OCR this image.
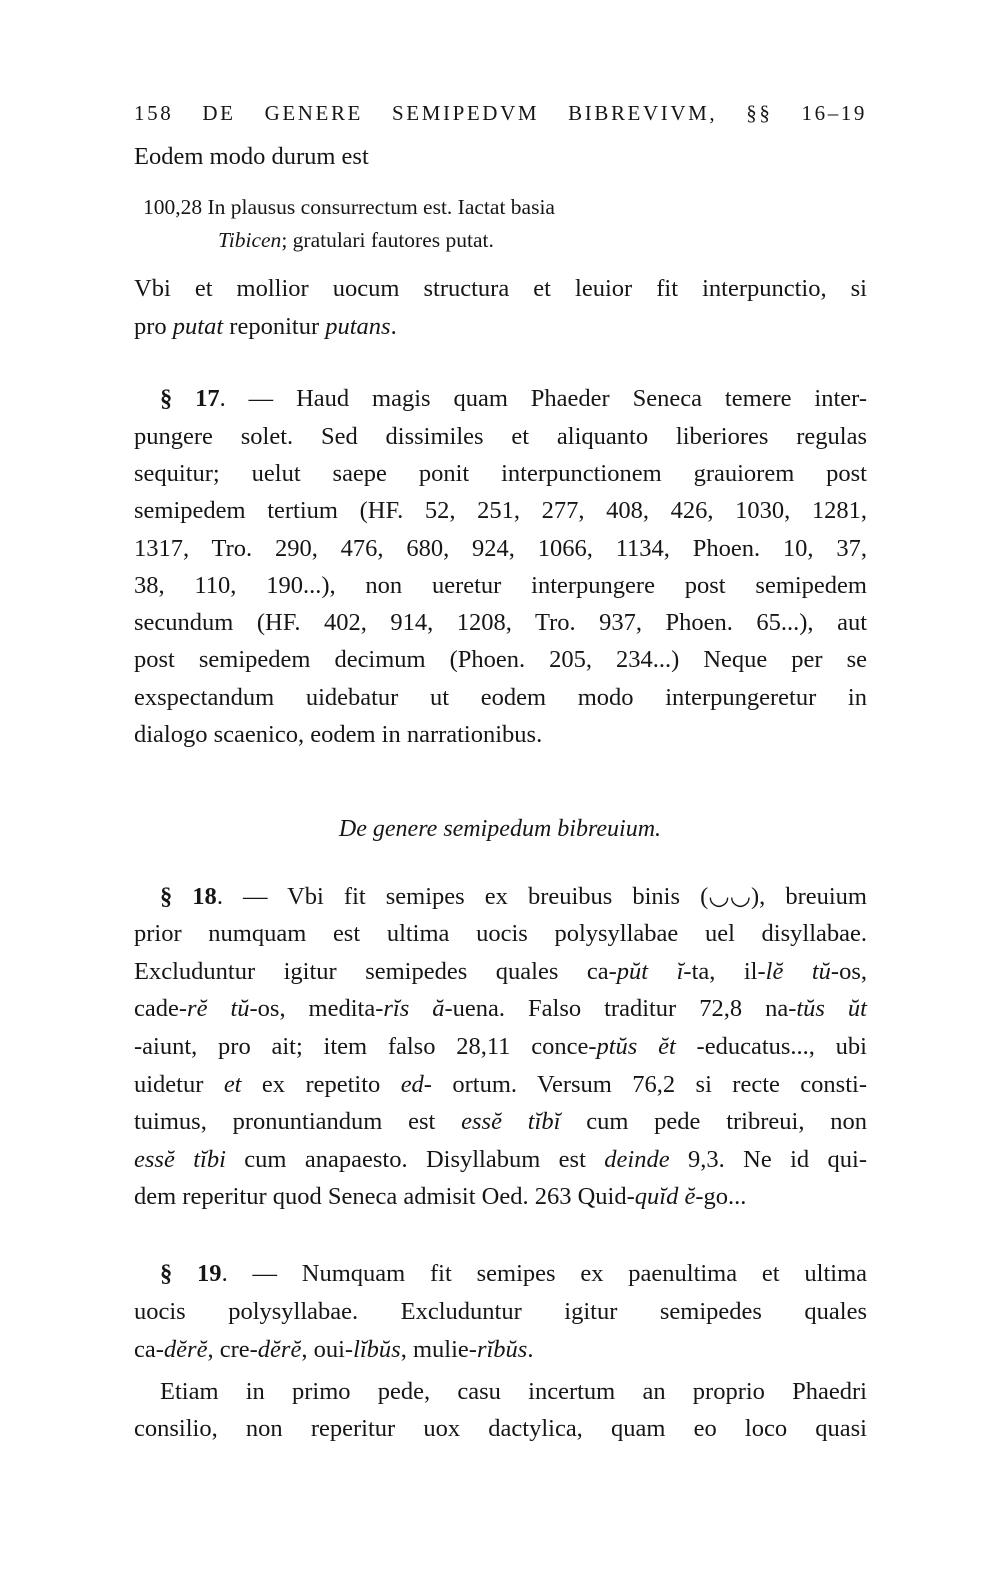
158 DE GENERE SEMIPEDVM BIBREVIVM, §§ 16–19
Eodem modo durum est
100,28 In plausus consurrectum est. Iactat basia
Tibicen; gratulari fautores putat.
Vbi et mollior uocum structura et leuior fit interpunctio, si
pro putat reponitur putans.
§ 17. — Haud magis quam Phaeder Seneca temere inter-
pungere solet. Sed dissimiles et aliquanto liberiores regulas
sequitur; uelut saepe ponit interpunctionem grauiorem post
semipedem tertium (HF. 52, 251, 277, 408, 426, 1030, 1281,
1317, Tro. 290, 476, 680, 924, 1066, 1134, Phoen. 10, 37,
38, 110, 190...), non ueretur interpungere post semipedem
secundum (HF. 402, 914, 1208, Tro. 937, Phoen. 65...), aut
post semipedem decimum (Phoen. 205, 234...) Neque per se
exspectandum uidebatur ut eodem modo interpungeretur in
dialogo scaenico, eodem in narrationibus.
De genere semipedum bibreuium.
§ 18. — Vbi fit semipes ex breuibus binis (◡◡), breuium
prior numquam est ultima uocis polysyllabae uel disyllabae.
Excluduntur igitur semipedes quales ca-pŭt ĭ-ta, il-lĕ tŭ-os,
cade-rĕ tŭ-os, medita-rĭs ă-uena. Falso traditur 72,8 na-tŭs ŭt
-aiunt, pro ait; item falso 28,11 conce-ptŭs ĕt -educatus..., ubi
uidetur et ex repetito ed- ortum. Versum 76,2 si recte consti-
tuimus, pronuntiandum est essĕ tĭbĭ cum pede tribreui, non
essĕ tĭbi cum anapaesto. Disyllabum est deinde 9,3. Ne id qui-
dem reperitur quod Seneca admisit Oed. 263 Quid-quĭd ĕ-go...
§ 19. — Numquam fit semipes ex paenultima et ultima
uocis polysyllabae. Excluduntur igitur semipedes quales
ca-dĕrĕ, cre-dĕrĕ, oui-lĭbŭs, mulie-rĭbŭs.
Etiam in primo pede, casu incertum an proprio Phaedri
consilio, non reperitur uox dactylica, quam eo loco quasi
